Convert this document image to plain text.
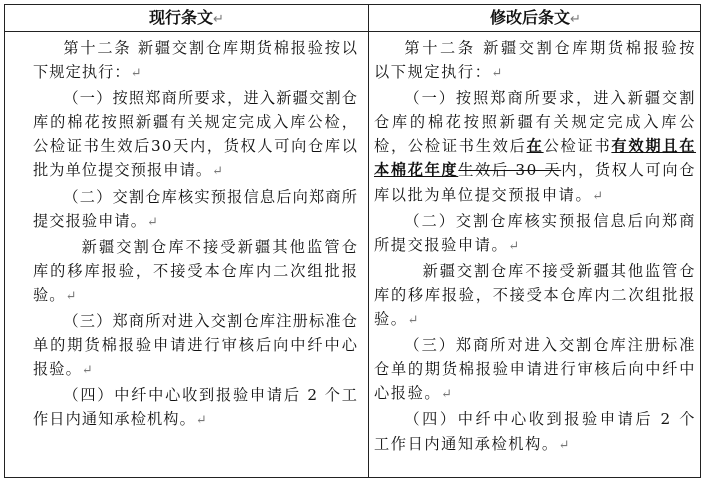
现行条文↵	修改后条文↵

第十二条 新疆交割仓库期货棉报验按以下规定执行：↵

（一）按照郑商所要求，进入新疆交割仓库的棉花按照新疆有关规定完成入库公检，公检证书生效后30天内，货权人可向仓库以批为单位提交预报申请。↵

（二）交割仓库核实预报信息后向郑商所提交报验申请。↵

新疆交割仓库不接受新疆其他监管仓库的移库报验，不接受本仓库内二次组批报验。↵

（三）郑商所对进入交割仓库注册标准仓单的期货棉报验申请进行审核后向中纤中心报验。↵

（四）中纤中心收到报验申请后 2 个工作日内通知承检机构。↵

第十二条 新疆交割仓库期货棉报验按以下规定执行：↵

（一）按照郑商所要求，进入新疆交割仓库的棉花按照新疆有关规定完成入库公检，公检证书生效后在公检证书有效期且在本棉花年度生效后 30 天内，货权人可向仓库以批为单位提交预报申请。↵

（二）交割仓库核实预报信息后向郑商所提交报验申请。↵

新疆交割仓库不接受新疆其他监管仓库的移库报验，不接受本仓库内二次组批报验。↵

（三）郑商所对进入交割仓库注册标准仓单的期货棉报验申请进行审核后向中纤中心报验。↵

（四）中纤中心收到报验申请后 2 个工作日内通知承检机构。↵
